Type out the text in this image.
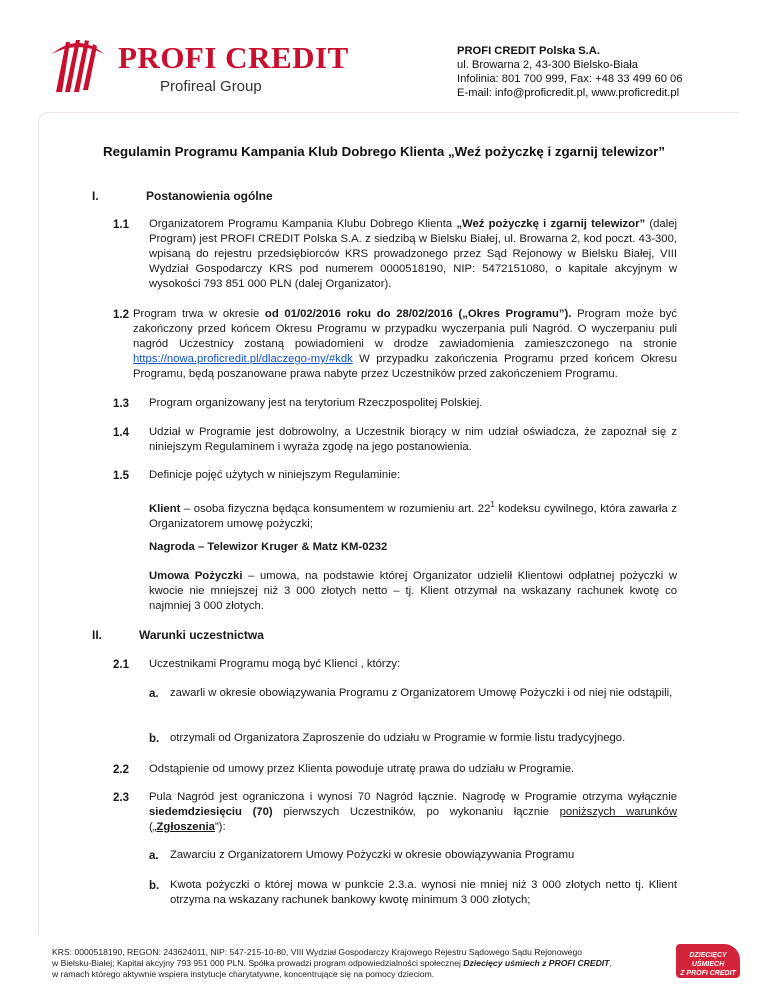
PROFI CREDIT
Profireal Group
PROFI CREDIT Polska S.A.
ul. Browarna 2, 43-300 Bielsko-Biała
Infolinia: 801 700 999, Fax: +48 33 499 60 06
E-mail: info@proficredit.pl, www.proficredit.pl
Regulamin Programu Kampania Klub Dobrego Klienta „Weź pożyczkę i zgarnij telewizor”
I.	Postanowienia ogólne
1.1 Organizatorem Programu Kampania Klubu Dobrego Klienta „Weź pożyczkę i zgarnij telewizor” (dalej Program) jest PROFI CREDIT Polska S.A. z siedzibą w Bielsku Białej, ul. Browarna 2, kod poczt. 43-300, wpisaną do rejestru przedsiębiorców KRS prowadzonego przez Sąd Rejonowy w Bielsku Białej, VIII Wydział Gospodarczy KRS pod numerem 0000518190, NIP: 5472151080, o kapitale akcyjnym w wysokości 793 851 000 PLN (dalej Organizator).
1.2 Program trwa w okresie od 01/02/2016 roku do 28/02/2016 („Okres Programu”). Program może być zakończony przed końcem Okresu Programu w przypadku wyczerpania puli Nagród. O wyczerpaniu puli nagród Uczestnicy zostaną powiadomieni w drodze zawiadomienia zamieszczonego na stronie https://nowa.proficredit.pl/dlaczego-my/#kdk W przypadku zakończenia Programu przed końcem Okresu Programu, będą poszanowane prawa nabyte przez Uczestników przed zakończeniem Programu.
1.3 Program organizowany jest na terytorium Rzeczpospolitej Polskiej.
1.4 Udział w Programie jest dobrowolny, a Uczestnik biorący w nim udział oświadcza, że zapoznał się z niniejszym Regulaminem i wyraża zgodę na jego postanowienia.
1.5 Definicje pojęć użytych w niniejszym Regulaminie:
Klient – osoba fizyczna będąca konsumentem w rozumieniu art. $22^1$ kodeksu cywilnego, która zawarła z Organizatorem umowę pożyczki;
Nagroda – Telewizor Kruger & Matz KM-0232
Umowa Pożyczki – umowa, na podstawie której Organizator udzielił Klientowi odpłatnej pożyczki w kwocie nie mniejszej niż 3 000 złotych netto – tj. Klient otrzymał na wskazany rachunek kwotę co najmniej 3 000 złotych.
II.	Warunki uczestnictwa
2.1 Uczestnikami Programu mogą być Klienci , którzy:
a. zawarli w okresie obowiązywania Programu z Organizatorem Umowę Pożyczki i od niej nie odstąpili,
b. otrzymali od Organizatora Zaproszenie do udziału w Programie w formie listu tradycyjnego.
2.2 Odstąpienie od umowy przez Klienta powoduje utratę prawa do udziału w Programie.
2.3 Pula Nagród jest ograniczona i wynosi 70 Nagród łącznie. Nagrodę w Programie otrzyma wyłącznie siedemdziesięciu (70) pierwszych Uczestników, po wykonaniu łącznie poniższych warunków („Zgłoszenia”):
a. Zawarciu z Organizatorem Umowy Pożyczki w okresie obowiązywania Programu
b. Kwota pożyczki o której mowa w punkcie 2.3.a. wynosi nie mniej niż 3 000 złotych netto tj. Klient otrzyma na wskazany rachunek bankowy kwotę minimum 3 000 złotych;
KRS: 0000518190, REGON: 243624011, NIP: 547-215-10-80, VIII Wydział Gospodarczy Krajowego Rejestru Sądowego Sądu Rejonowego
w Bielsku-Białej; Kapitał akcyjny 793 951 000 PLN. Spółka prowadzi program odpowiedzialności społecznej Dziecięcy uśmiech z PROFI CREDIT,
w ramach którego aktywnie wspiera instytucje charytatywne, koncentrujące się na pomocy dzieciom.
DZIECIĘCY UŚMIECH
Z PROFI CREDIT
